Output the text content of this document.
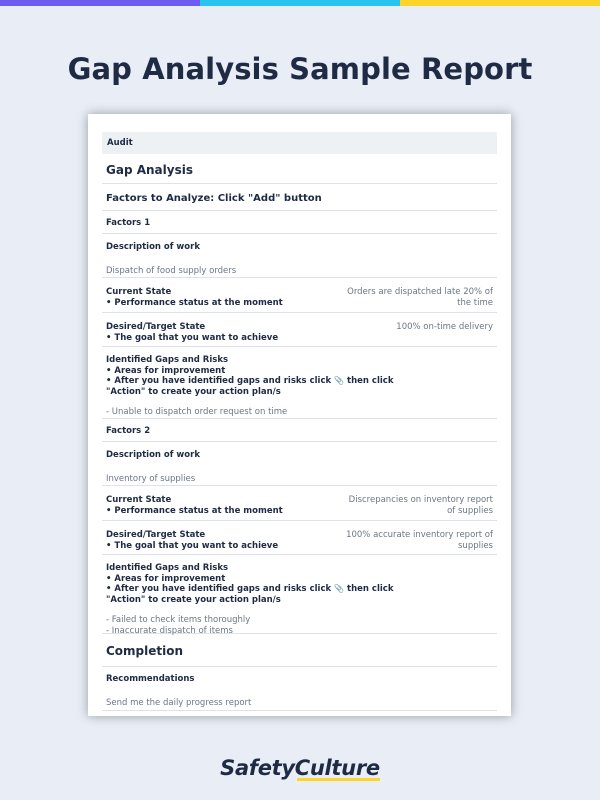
Gap Analysis Sample Report
Audit
Gap Analysis
Factors to Analyze: Click "Add" button
Factors 1
Description of work
Dispatch of food supply orders
Current State
• Performance status at the moment
Orders are dispatched late 20% of the time
Desired/Target State
• The goal that you want to achieve
100% on-time delivery
Identified Gaps and Risks
• Areas for improvement
• After you have identified gaps and risks click 📎 then click
"Action" to create your action plan/s
- Unable to dispatch order request on time
Factors 2
Description of work
Inventory of supplies
Current State
• Performance status at the moment
Discrepancies on inventory report of supplies
Desired/Target State
• The goal that you want to achieve
100% accurate inventory report of supplies
Identified Gaps and Risks
• Areas for improvement
• After you have identified gaps and risks click 📎 then click
"Action" to create your action plan/s
- Failed to check items thoroughly
- Inaccurate dispatch of items
Completion
Recommendations
Send me the daily progress report
SafetyCulture
